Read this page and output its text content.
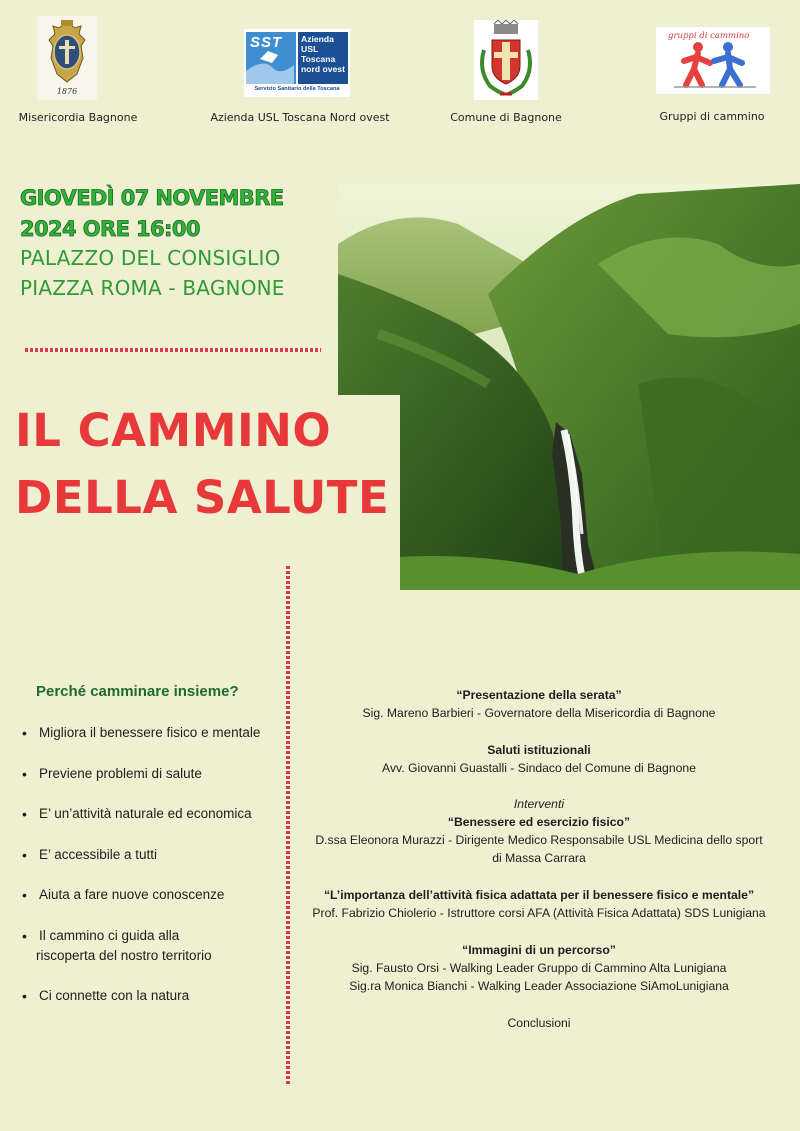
1876
Misericordia Bagnone
SST Azienda
USL
Toscana
nord ovest
Servizio Sanitario della Toscana
Azienda USL Toscana Nord ovest	Comune di Bagnone
gruppi di cammino
Gruppi di cammino
GIOVEDÌ 07 NOVEMBRE
2024 ORE 16:00
PALAZZO DEL CONSIGLIO
PIAZZA ROMA - BAGNONE
IL CAMMINO
DELLA SALUTE
Perché camminare insieme?
• Migliora il benessere fisico e mentale
• Previene problemi di salute
• E’ un’attività naturale ed economica
• E’ accessibile a tutti
• Aiuta a fare nuove conoscenze
• Il cammino ci guida alla
riscoperta del nostro territorio
• Ci connette con la natura
“Presentazione della serata”
Sig. Mareno Barbieri - Governatore della Misericordia di Bagnone
Saluti istituzionali
Avv. Giovanni Guastalli - Sindaco del Comune di Bagnone
Interventi
“Benessere ed esercizio fisico”
D.ssa Eleonora Murazzi - Dirigente Medico Responsabile USL Medicina dello sport
di Massa Carrara
“L’importanza dell’attività fisica adattata per il benessere fisico e mentale”
Prof. Fabrizio Chiolerio - Istruttore corsi AFA (Attività Fisica Adattata) SDS Lunigiana
“Immagini di un percorso”
Sig. Fausto Orsi - Walking Leader Gruppo di Cammino Alta Lunigiana
Sig.ra Monica Bianchi - Walking Leader Associazione SiAmoLunigiana
Conclusioni
